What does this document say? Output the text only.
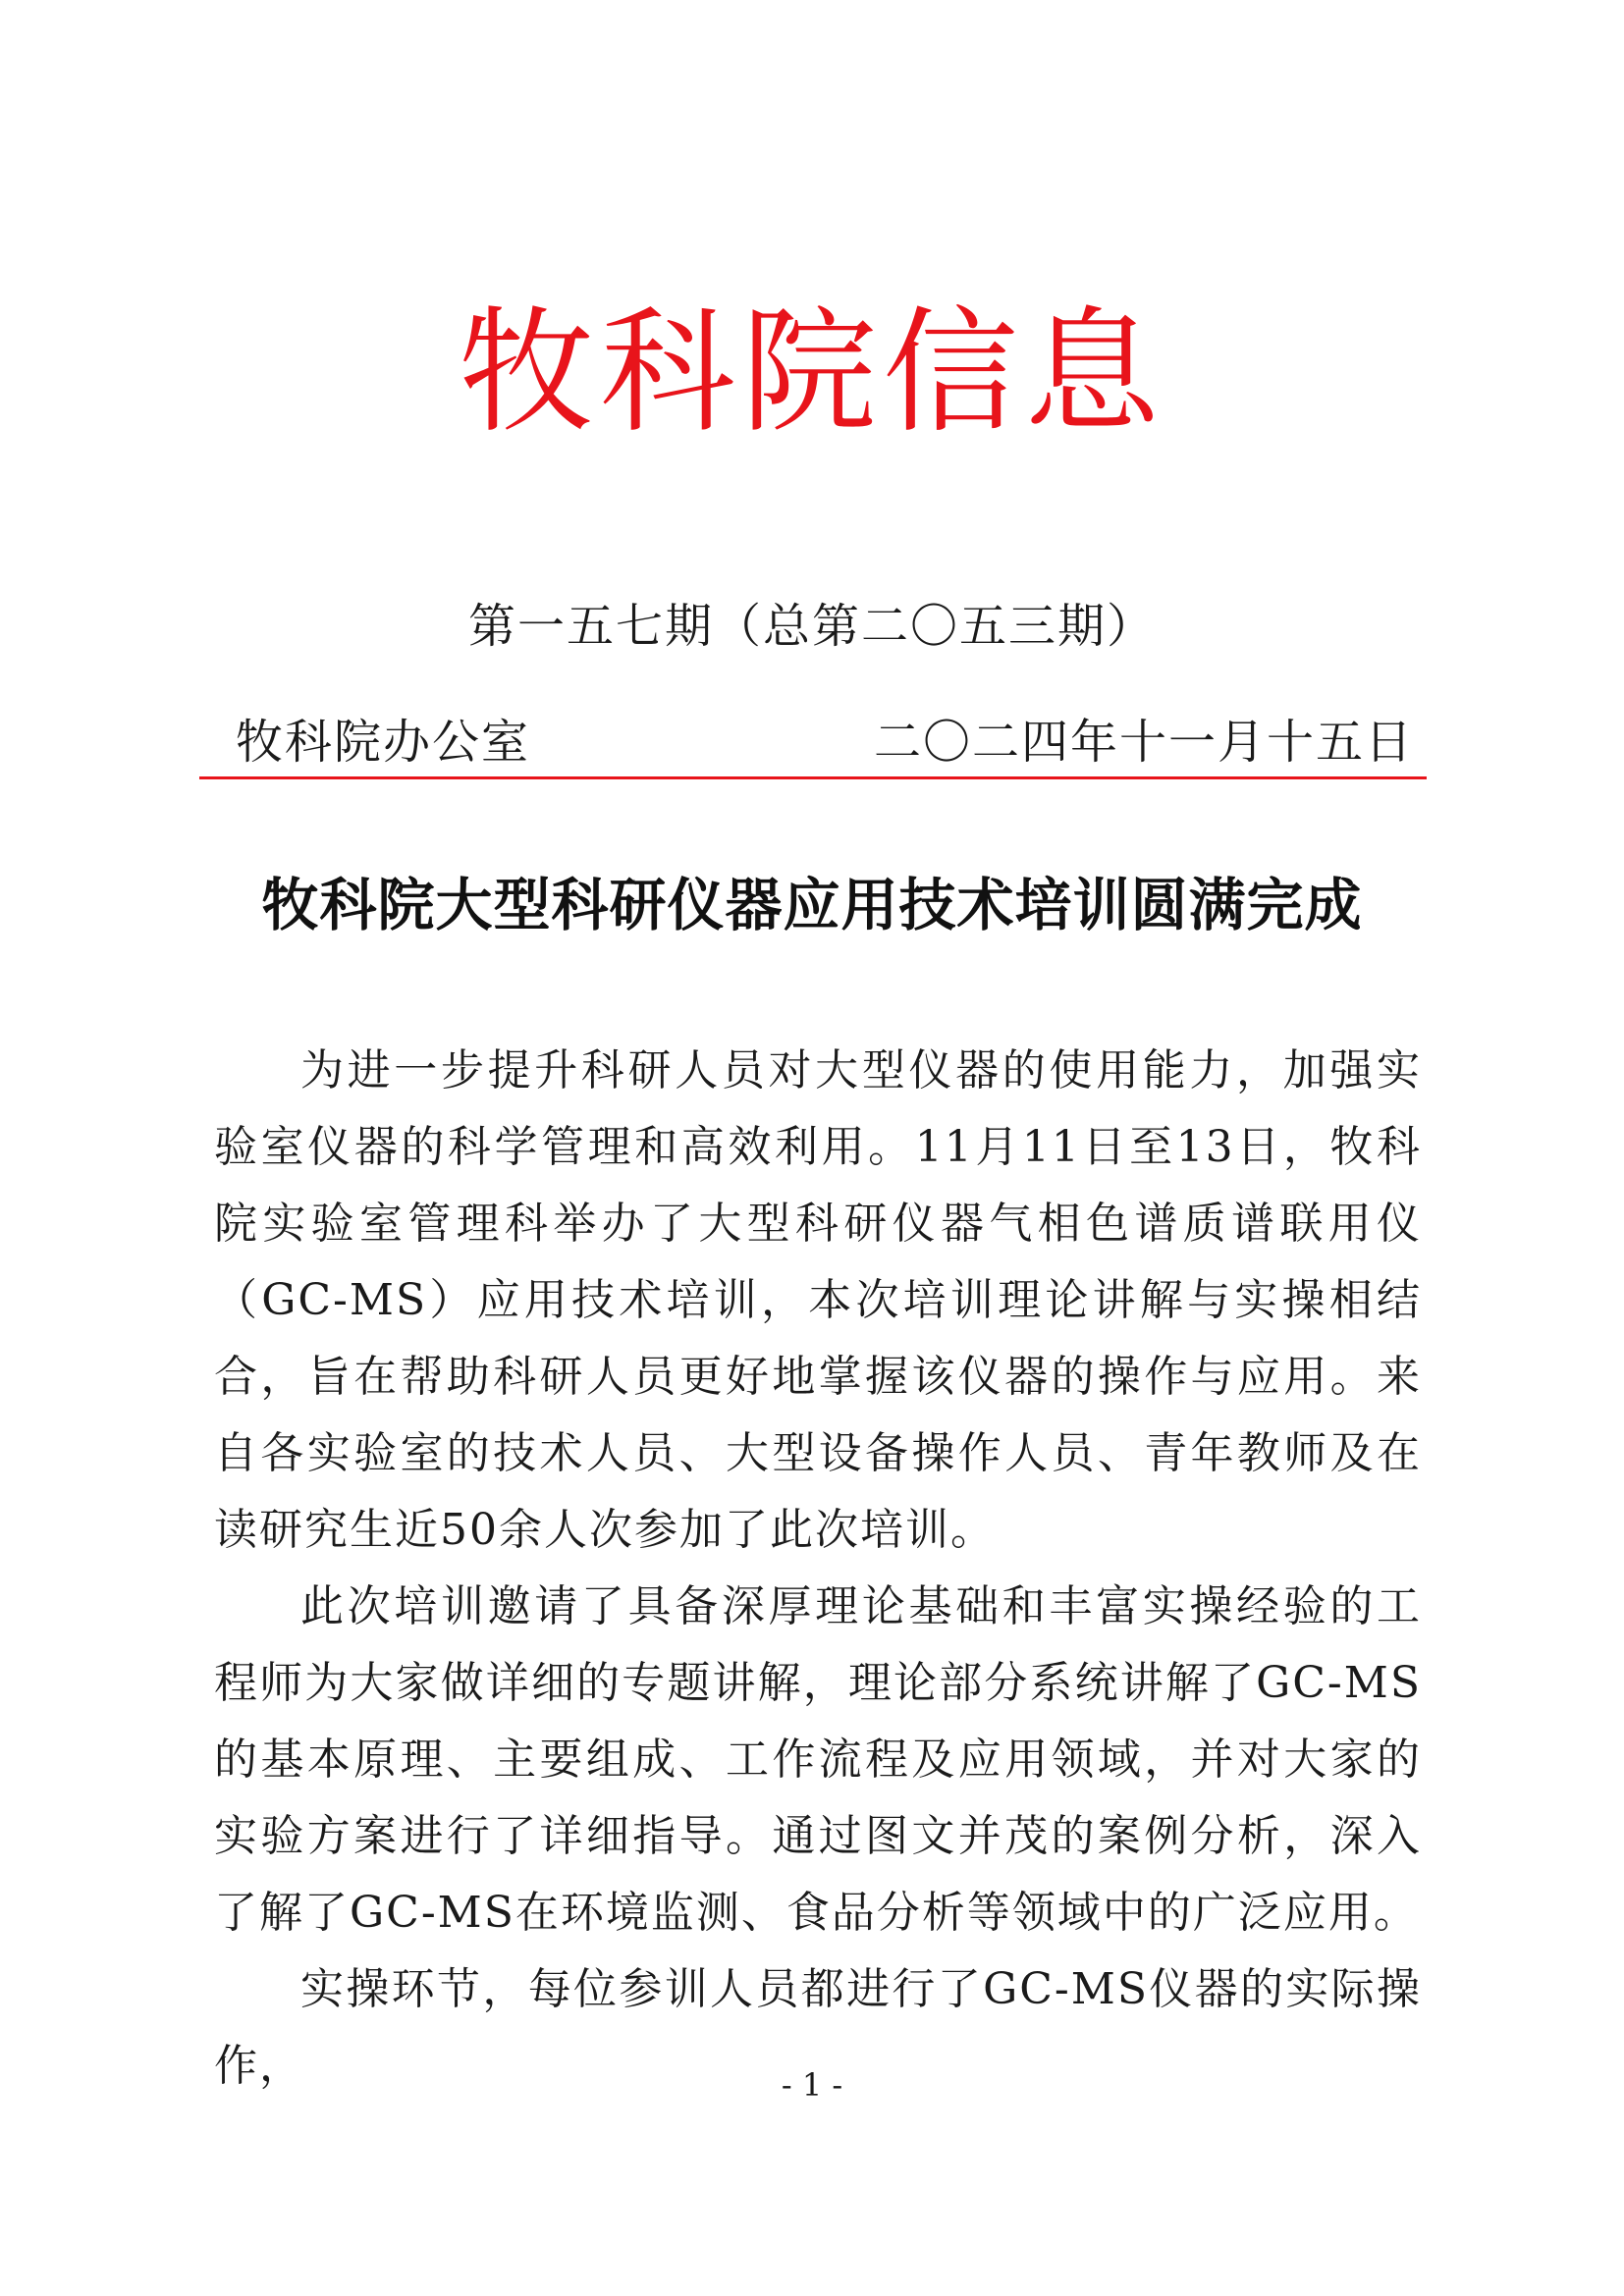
牧科院信息
第一五七期（总第二〇五三期）
牧科院办公室	二〇二四年十一月十五日
牧科院大型科研仪器应用技术培训圆满完成

为进一步提升科研人员对大型仪器的使用能力，加强实验室仪器的科学管理和高效利用。11月11日至13日，牧科院实验室管理科举办了大型科研仪器气相色谱质谱联用仪（GC-MS）应用技术培训，本次培训理论讲解与实操相结合，旨在帮助科研人员更好地掌握该仪器的操作与应用。来自各实验室的技术人员、大型设备操作人员、青年教师及在读研究生近50余人次参加了此次培训。

此次培训邀请了具备深厚理论基础和丰富实操经验的工程师为大家做详细的专题讲解，理论部分系统讲解了GC-MS的基本原理、主要组成、工作流程及应用领域，并对大家的实验方案进行了详细指导。通过图文并茂的案例分析，深入了解了GC-MS在环境监测、食品分析等领域中的广泛应用。

实操环节，每位参训人员都进行了GC-MS仪器的实际操作，	- 1 -
